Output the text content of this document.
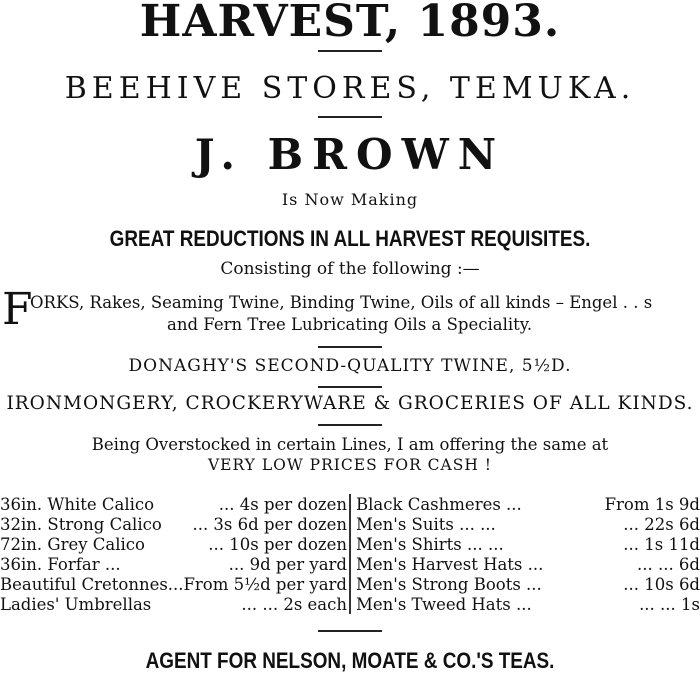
HARVEST, 1893.
BEEHIVE STORES, TEMUKA.
J. BROWN
Is Now Making
GREAT REDUCTIONS IN ALL HARVEST REQUISITES.
Consisting of the following :—
F
ORKS, Rakes, Seaming Twine, Binding Twine, Oils of all kinds – Engel . . s
and Fern Tree Lubricating Oils a Speciality.
DONAGHY'S SECOND-QUALITY TWINE, 5½D.
IRONMONGERY, CROCKERYWARE & GROCERIES OF ALL KINDS.
Being Overstocked in certain Lines, I am offering the same at
VERY LOW PRICES FOR CASH !
36in. White Calico	... 4s per dozen
32in. Strong Calico ... 3s 6d per dozen
72in. Grey Calico	... 10s per dozen
36in. Forfar ...	... 9d per yard
Beautiful Cretonnes ...From 5½d per yard
Ladies' Umbrellas	... ... 2s each
Black Cashmeres ...	From 1s 9d
Men's Suits ... ...	... 22s 6d
Men's Shirts ... ...	... 1s 11d
Men's Harvest Hats ...	... ... 6d
Men's Strong Boots ...	... 10s 6d
Men's Tweed Hats ...	... ... 1s
AGENT FOR NELSON, MOATE & CO.'S TEAS.
